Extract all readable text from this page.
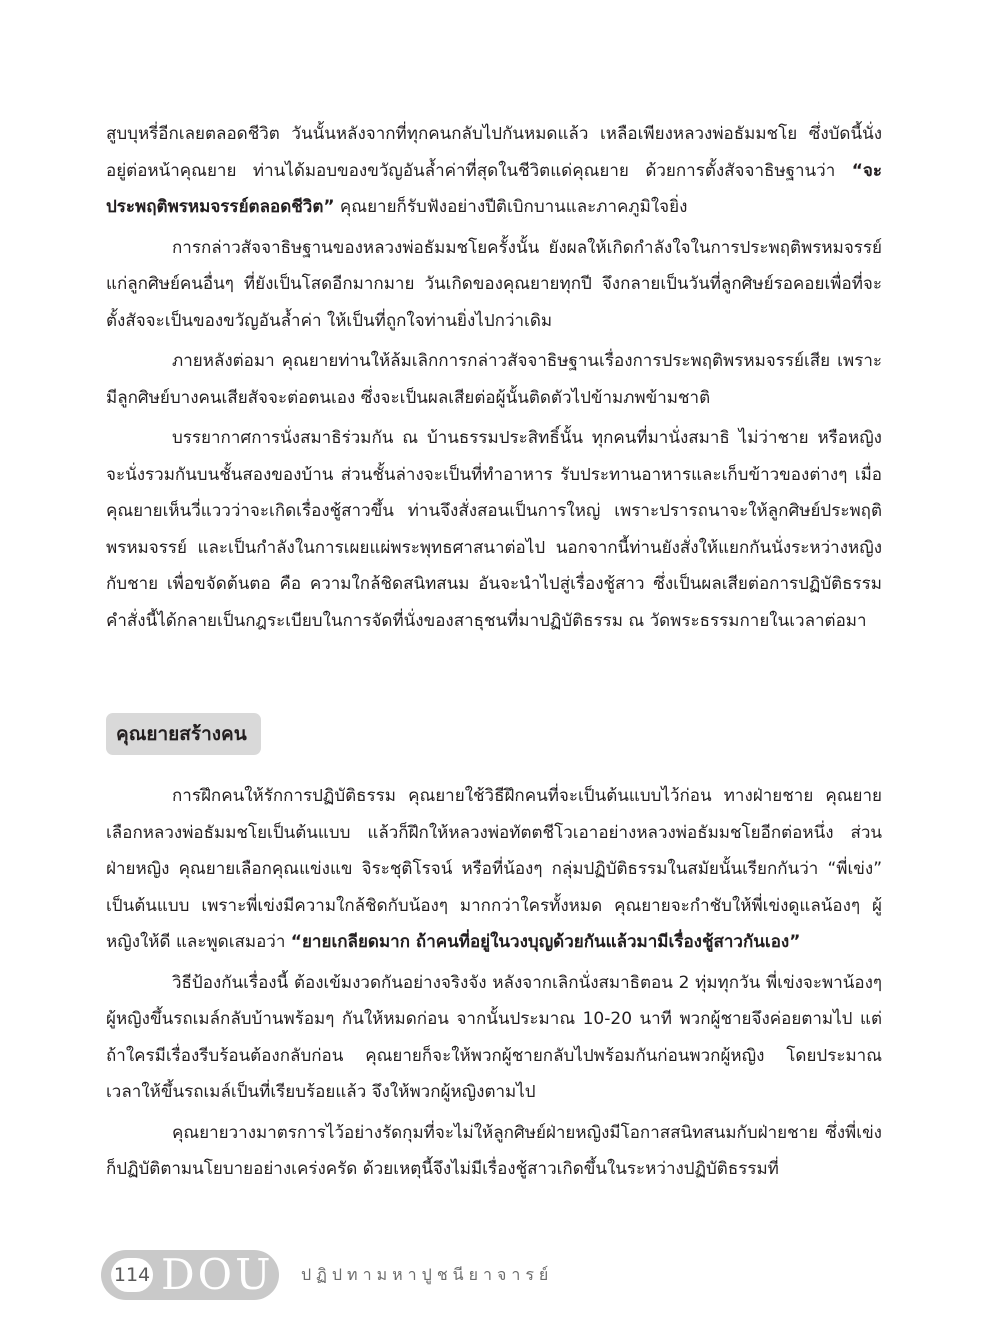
สูบบุหรี่อีกเลยตลอดชีวิต วันนั้นหลังจากที่ทุกคนกลับไปกันหมดแล้ว เหลือเพียงหลวงพ่อธัมมชโย ซึ่งบัดนี้นั่งอยู่ต่อหน้าคุณยาย ท่านได้มอบของขวัญอันล้ำค่าที่สุดในชีวิตแด่คุณยาย ด้วยการตั้งสัจจาธิษฐานว่า “จะประพฤติพรหมจรรย์ตลอดชีวิต” คุณยายก็รับฟังอย่างปีติเบิกบานและภาคภูมิใจยิ่ง

การกล่าวสัจจาธิษฐานของหลวงพ่อธัมมชโยครั้งนั้น ยังผลให้เกิดกำลังใจในการประพฤติพรหมจรรย์แก่ลูกศิษย์คนอื่นๆ ที่ยังเป็นโสดอีกมากมาย วันเกิดของคุณยายทุกปี จึงกลายเป็นวันที่ลูกศิษย์รอคอยเพื่อที่จะตั้งสัจจะเป็นของขวัญอันล้ำค่า ให้เป็นที่ถูกใจท่านยิ่งไปกว่าเดิม

ภายหลังต่อมา คุณยายท่านให้ล้มเลิกการกล่าวสัจจาธิษฐานเรื่องการประพฤติพรหมจรรย์เสีย เพราะมีลูกศิษย์บางคนเสียสัจจะต่อตนเอง ซึ่งจะเป็นผลเสียต่อผู้นั้นติดตัวไปข้ามภพข้ามชาติ

บรรยากาศการนั่งสมาธิร่วมกัน ณ บ้านธรรมประสิทธิ์นั้น ทุกคนที่มานั่งสมาธิ ไม่ว่าชาย หรือหญิง จะนั่งรวมกันบนชั้นสองของบ้าน ส่วนชั้นล่างจะเป็นที่ทำอาหาร รับประทานอาหารและเก็บข้าวของต่างๆ เมื่อคุณยายเห็นวี่แววว่าจะเกิดเรื่องชู้สาวขึ้น ท่านจึงสั่งสอนเป็นการใหญ่ เพราะปรารถนาจะให้ลูกศิษย์ประพฤติพรหมจรรย์ และเป็นกำลังในการเผยแผ่พระพุทธศาสนาต่อไป นอกจากนี้ท่านยังสั่งให้แยกกันนั่งระหว่างหญิงกับชาย เพื่อขจัดต้นตอ คือ ความใกล้ชิดสนิทสนม อันจะนำไปสู่เรื่องชู้สาว ซึ่งเป็นผลเสียต่อการปฏิบัติธรรม คำสั่งนี้ได้กลายเป็นกฎระเบียบในการจัดที่นั่งของสาธุชนที่มาปฏิบัติธรรม ณ วัดพระธรรมกายในเวลาต่อมา

คุณยายสร้างคน

การฝึกคนให้รักการปฏิบัติธรรม คุณยายใช้วิธีฝึกคนที่จะเป็นต้นแบบไว้ก่อน ทางฝ่ายชาย คุณยายเลือกหลวงพ่อธัมมชโยเป็นต้นแบบ แล้วก็ฝึกให้หลวงพ่อทัตตชีโวเอาอย่างหลวงพ่อธัมมชโยอีกต่อหนึ่ง ส่วนฝ่ายหญิง คุณยายเลือกคุณแข่งแข จิระชุติโรจน์ หรือที่น้องๆ กลุ่มปฏิบัติธรรมในสมัยนั้นเรียกกันว่า “พี่เข่ง” เป็นต้นแบบ เพราะพี่เข่งมีความใกล้ชิดกับน้องๆ มากกว่าใครทั้งหมด คุณยายจะกำชับให้พี่เข่งดูแลน้องๆ ผู้หญิงให้ดี และพูดเสมอว่า “ยายเกลียดมาก ถ้าคนที่อยู่ในวงบุญด้วยกันแล้วมามีเรื่องชู้สาวกันเอง”

วิธีป้องกันเรื่องนี้ ต้องเข้มงวดกันอย่างจริงจัง หลังจากเลิกนั่งสมาธิตอน 2 ทุ่มทุกวัน พี่เข่งจะพาน้องๆ ผู้หญิงขึ้นรถเมล์กลับบ้านพร้อมๆ กันให้หมดก่อน จากนั้นประมาณ 10-20 นาที พวกผู้ชายจึงค่อยตามไป แต่ถ้าใครมีเรื่องรีบร้อนต้องกลับก่อน คุณยายก็จะให้พวกผู้ชายกลับไปพร้อมกันก่อนพวกผู้หญิง โดยประมาณเวลาให้ขึ้นรถเมล์เป็นที่เรียบร้อยแล้ว จึงให้พวกผู้หญิงตามไป

คุณยายวางมาตรการไว้อย่างรัดกุมที่จะไม่ให้ลูกศิษย์ฝ่ายหญิงมีโอกาสสนิทสนมกับฝ่ายชาย ซึ่งพี่เข่งก็ปฏิบัติตามนโยบายอย่างเคร่งครัด ด้วยเหตุนี้จึงไม่มีเรื่องชู้สาวเกิดขึ้นในระหว่างปฏิบัติธรรมที่

114 DOU ปฏิปทามหาปูชนียาจารย์
